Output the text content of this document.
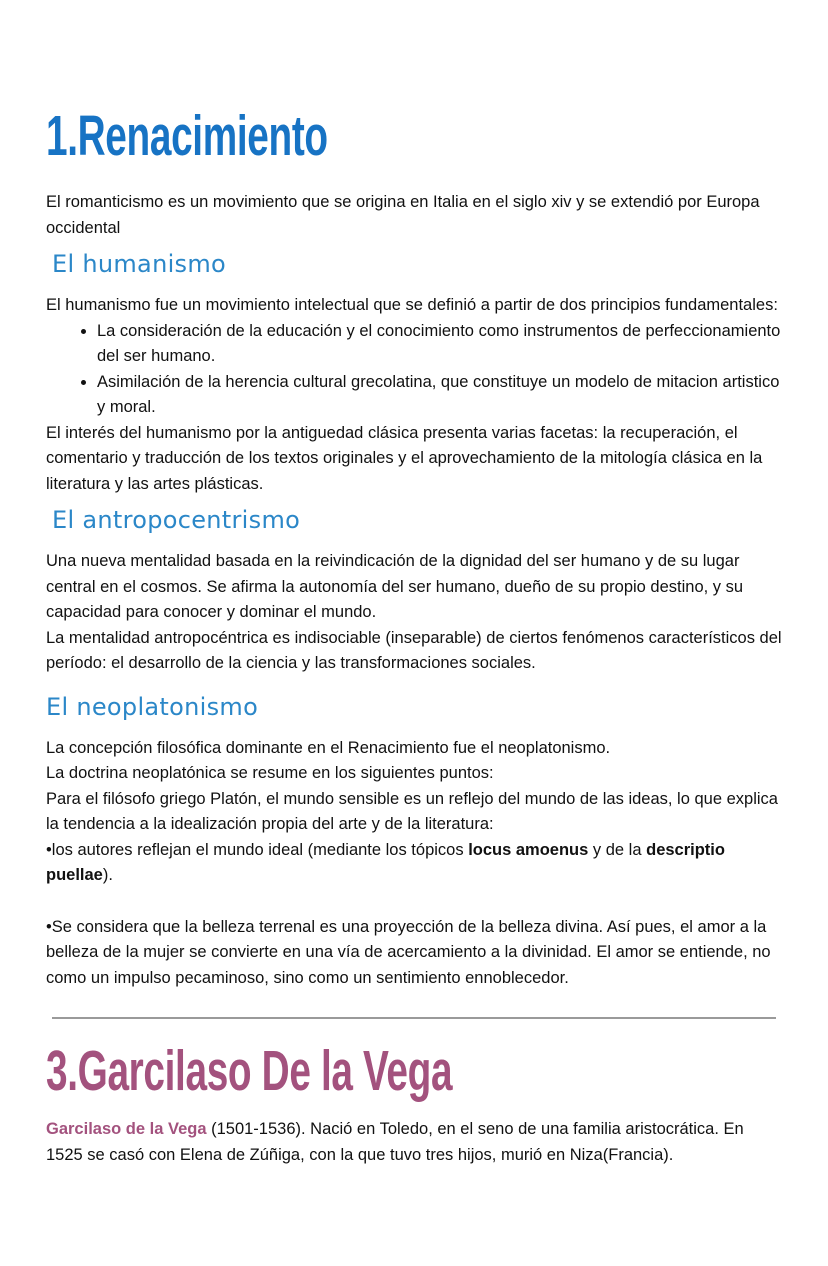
1.Renacimiento

El romanticismo es un movimiento que se origina en Italia en el siglo xiv y se extendió por Europa occidental

El humanismo

El humanismo fue un movimiento intelectual que se definió a partir de dos principios fundamentales:

• La consideración de la educación y el conocimiento como instrumentos de perfeccionamiento del ser humano.
• Asimilación de la herencia cultural grecolatina, que constituye un modelo de mitacion artistico y moral.

El interés del humanismo por la antiguedad clásica presenta varias facetas: la recuperación, el comentario y traducción de los textos originales y el aprovechamiento de la mitología clásica en la literatura y las artes plásticas.

El antropocentrismo

Una nueva mentalidad basada en la reivindicación de la dignidad del ser humano y de su lugar central en el cosmos. Se afirma la autonomía del ser humano, dueño de su propio destino, y su capacidad para conocer y dominar el mundo.

La mentalidad antropocéntrica es indisociable (inseparable) de ciertos fenómenos característicos del período: el desarrollo de la ciencia y las transformaciones sociales.

El neoplatonismo

La concepción filosófica dominante en el Renacimiento fue el neoplatonismo.

La doctrina neoplatónica se resume en los siguientes puntos:

Para el filósofo griego Platón, el mundo sensible es un reflejo del mundo de las ideas, lo que explica la tendencia a la idealización propia del arte y de la literatura:

•los autores reflejan el mundo ideal (mediante los tópicos locus amoenus y de la descriptio puellae).

•Se considera que la belleza terrenal es una proyección de la belleza divina. Así pues, el amor a la belleza de la mujer se convierte en una vía de acercamiento a la divinidad. El amor se entiende, no como un impulso pecaminoso, sino como un sentimiento ennoblecedor.

3.Garcilaso De la Vega

Garcilaso de la Vega (1501-1536). Nació en Toledo, en el seno de una familia aristocrática. En 1525 se casó con Elena de Zúñiga, con la que tuvo tres hijos, murió en Niza(Francia).
